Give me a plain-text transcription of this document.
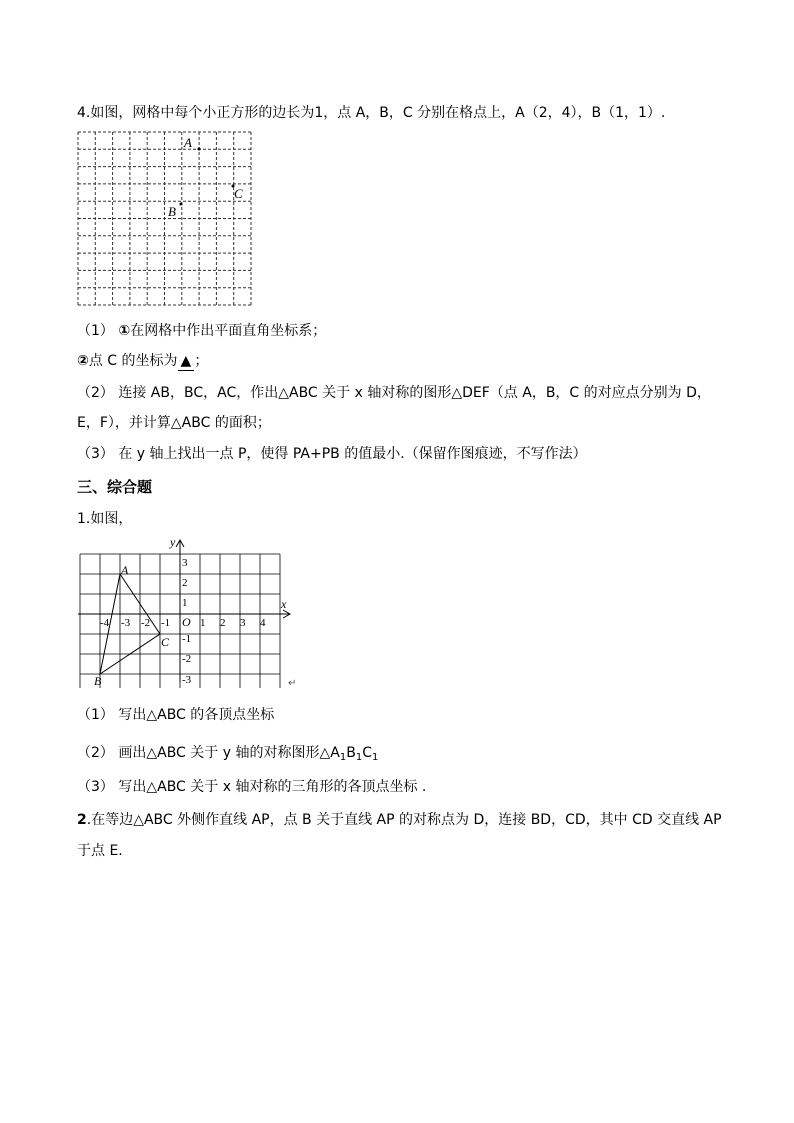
4.如图，网格中每个小正方形的边长为1，点 A，B，C 分别在格点上，A（2，4），B（1，1）.
A
B
C
（1） ①在网格中作出平面直角坐标系；
②点 C 的坐标为 ▲ ；
（2） 连接 AB，BC，AC，作出△ABC 关于 x 轴对称的图形△DEF（点 A，B，C 的对应点分别为 D，
E，F），并计算△ABC 的面积；
（3） 在 y 轴上找出一点 P，使得 PA+PB 的值最小.（保留作图痕迹，不写作法）
三、综合题
1.如图，
y
x
O
-4 -3 -2 -1	1 2 3 4
3
2
1
-1
-2
-3
A
B
C
↵
（1） 写出△ABC 的各顶点坐标
（2） 画出△ABC 关于 y 轴的对称图形$\triangle A_1B_1C_1$
（3） 写出△ABC 关于 x 轴对称的三角形的各顶点坐标 .
2.在等边△ABC 外侧作直线 AP，点 B 关于直线 AP 的对称点为 D，连接 BD，CD，其中 CD 交直线 AP
于点 E.
